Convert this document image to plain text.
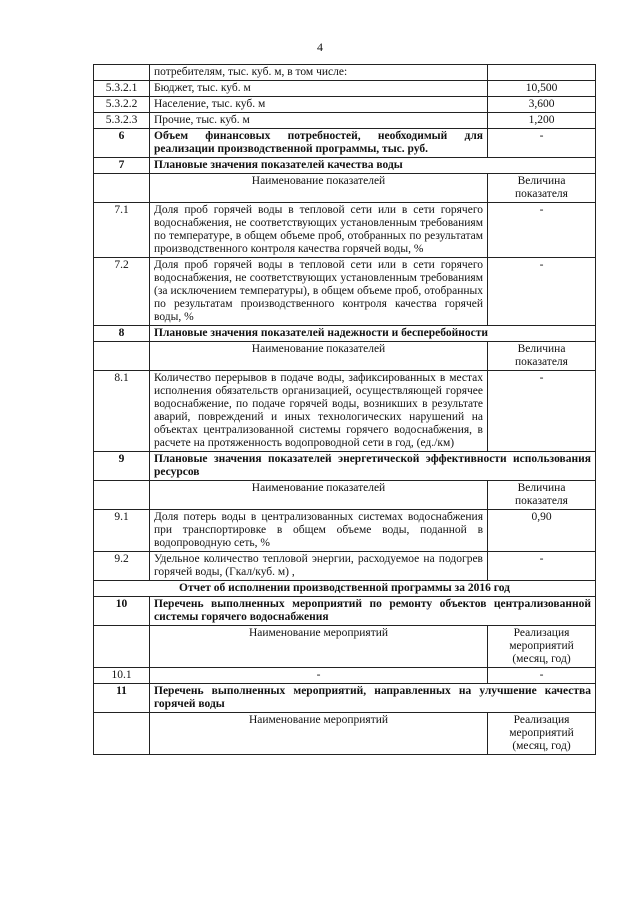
4
	потребителям, тыс. куб. м, в том числе:	
5.3.2.1	Бюджет, тыс. куб. м	10,500
5.3.2.2	Население, тыс. куб. м	3,600
5.3.2.3	Прочие, тыс. куб. м	1,200
6	Объем финансовых потребностей, необходимый для реализации производственной программы, тыс. руб.	-
7	Плановые значения показателей качества воды	
	Наименование показателей	Величина показателя
7.1	Доля проб горячей воды в тепловой сети или в сети горячего водоснабжения, не соответствующих установленным требованиям по температуре, в общем объеме проб, отобранных по результатам производственного контроля качества горячей воды, %	-
7.2	Доля проб горячей воды в тепловой сети или в сети горячего водоснабжения, не соответствующих установленным требованиям (за исключением температуры), в общем объеме проб, отобранных по результатам производственного контроля качества горячей воды, %	-
8	Плановые значения показателей надежности и бесперебойности	
	Наименование показателей	Величина показателя
8.1	Количество перерывов в подаче воды, зафиксированных в местах исполнения обязательств организацией, осуществляющей горячее водоснабжение, по подаче горячей воды, возникших в результате аварий, повреждений и иных технологических нарушений на объектах централизованной системы горячего водоснабжения, в расчете на протяженность водопроводной сети в год, (ед./км)	-
9	Плановые значения показателей энергетической эффективности использования ресурсов	
	Наименование показателей	Величина показателя
9.1	Доля потерь воды в централизованных системах водоснабжения при транспортировке в общем объеме воды, поданной в водопроводную сеть, %	0,90
9.2	Удельное количество тепловой энергии, расходуемое на подогрев горячей воды, (Гкал/куб. м) ,	-
Отчет об исполнении производственной программы за 2016 год		
10	Перечень выполненных мероприятий по ремонту объектов централизованной системы горячего водоснабжения	
	Наименование мероприятий	Реализация мероприятий (месяц, год)
10.1	-	-
11	Перечень выполненных мероприятий, направленных на улучшение качества горячей воды	
	Наименование мероприятий	Реализация мероприятий (месяц, год)
